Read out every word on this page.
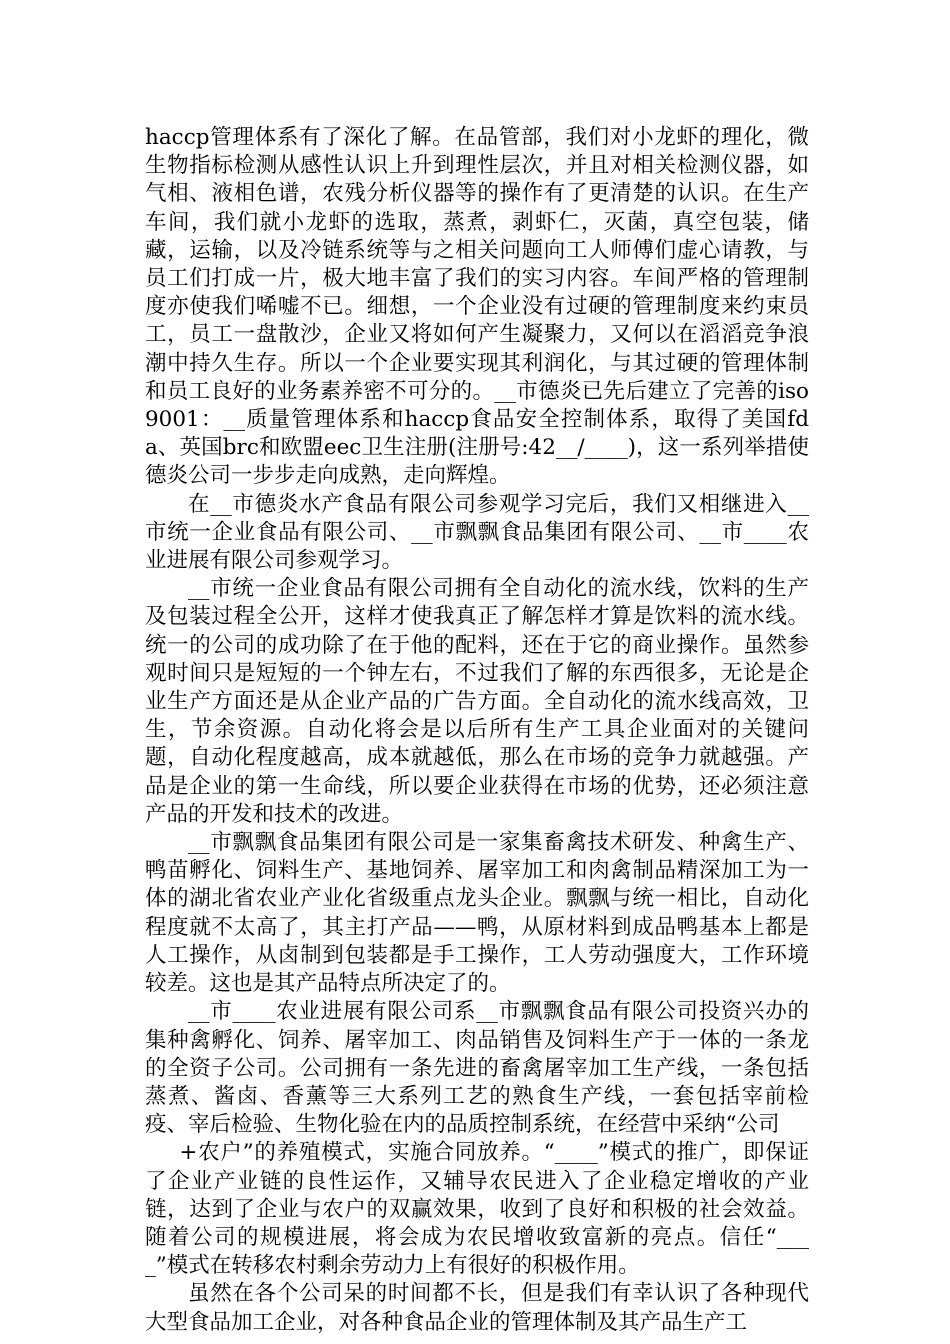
haccp管理体系有了深化了解。在品管部，我们对小龙虾的理化，微生物指标检测从感性认识上升到理性层次，并且对相关检测仪器，如气相、液相色谱，农残分析仪器等的操作有了更清楚的认识。在生产车间，我们就小龙虾的选取，蒸煮，剥虾仁，灭菌，真空包装，储藏，运输，以及冷链系统等与之相关问题向工人师傅们虚心请教，与员工们打成一片，极大地丰富了我们的实习内容。车间严格的管理制度亦使我们唏嘘不已。细想，一个企业没有过硬的管理制度来约束员工，员工一盘散沙，企业又将如何产生凝聚力，又何以在滔滔竞争浪潮中持久生存。所以一个企业要实现其利润化，与其过硬的管理体制和员工良好的业务素养密不可分的。__市德炎已先后建立了完善的iso9001：__质量管理体系和haccp食品安全控制体系，取得了美国fda、英国brc和欧盟eec卫生注册(注册号:42__/____)，这一系列举措使德炎公司一步步走向成熟，走向辉煌。

在__市德炎水产食品有限公司参观学习完后，我们又相继进入__市统一企业食品有限公司、__市飘飘食品集团有限公司、__市____农业进展有限公司参观学习。

__市统一企业食品有限公司拥有全自动化的流水线，饮料的生产及包装过程全公开，这样才使我真正了解怎样才算是饮料的流水线。统一的公司的成功除了在于他的配料，还在于它的商业操作。虽然参观时间只是短短的一个钟左右，不过我们了解的东西很多，无论是企业生产方面还是从企业产品的广告方面。全自动化的流水线高效，卫生，节余资源。自动化将会是以后所有生产工具企业面对的关键问题，自动化程度越高，成本就越低，那么在市场的竞争力就越强。产品是企业的第一生命线，所以要企业获得在市场的优势，还必须注意产品的开发和技术的改进。

__市飘飘食品集团有限公司是一家集畜禽技术研发、种禽生产、鸭苗孵化、饲料生产、基地饲养、屠宰加工和肉禽制品精深加工为一体的湖北省农业产业化省级重点龙头企业。飘飘与统一相比，自动化程度就不太高了，其主打产品——鸭，从原材料到成品鸭基本上都是人工操作，从卤制到包装都是手工操作，工人劳动强度大，工作环境较差。这也是其产品特点所决定了的。

__市____农业进展有限公司系__市飘飘食品有限公司投资兴办的集种禽孵化、饲养、屠宰加工、肉品销售及饲料生产于一体的一条龙的全资子公司。公司拥有一条先进的畜禽屠宰加工生产线，一条包括蒸煮、酱卤、香薰等三大系列工艺的熟食生产线，一套包括宰前检疫、宰后检验、生物化验在内的品质控制系统，在经营中采纳“公司

+农户”的养殖模式，实施合同放养。“____”模式的推广，即保证了企业产业链的良性运作，又辅导农民进入了企业稳定增收的产业链，达到了企业与农户的双赢效果，收到了良好和积极的社会效益。随着公司的规模进展，将会成为农民增收致富新的亮点。信任“____”模式在转移农村剩余劳动力上有很好的积极作用。

虽然在各个公司呆的时间都不长，但是我们有幸认识了各种现代大型食品加工企业，对各种食品企业的管理体制及其产品生产工
